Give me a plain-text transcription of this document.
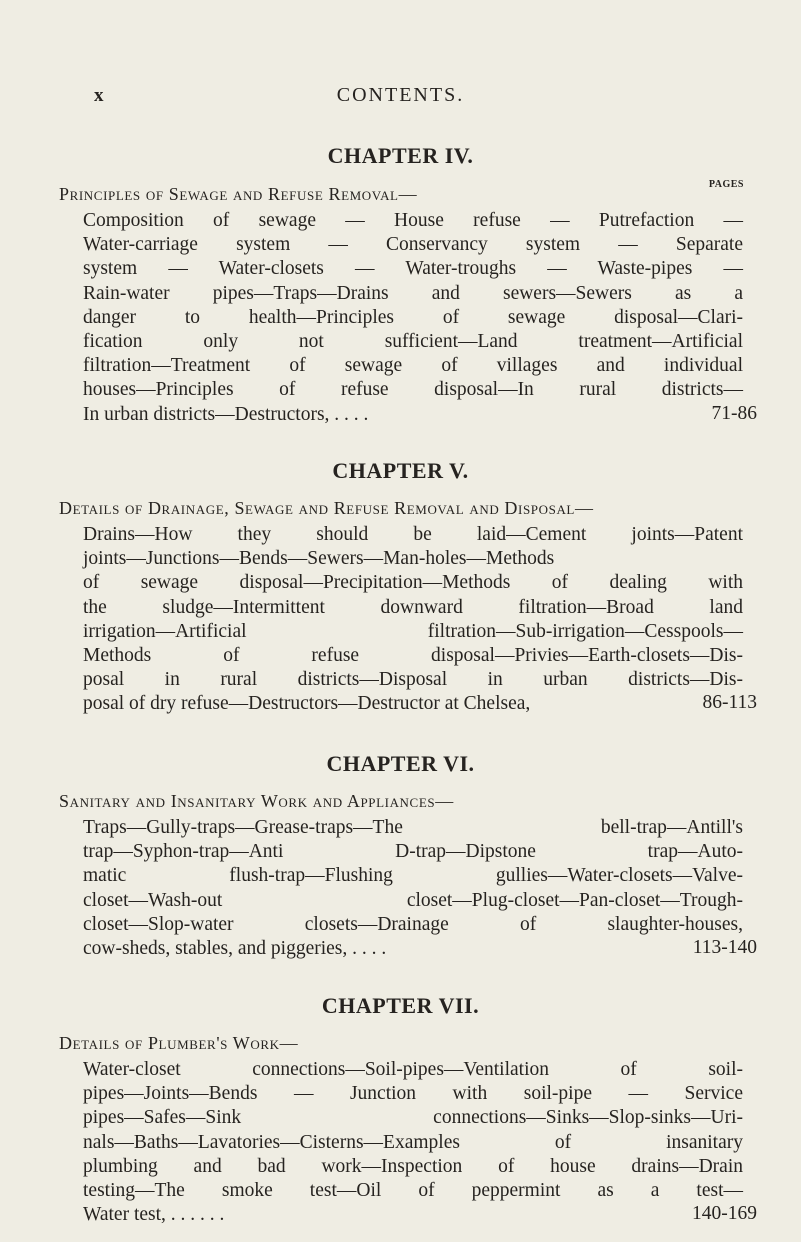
x	CONTENTS.
CHAPTER IV.
PAGES
Principles of Sewage and Refuse Removal—
Composition of sewage — House refuse — Putrefaction —
Water-carriage system — Conservancy system — Separate
system — Water-closets — Water-troughs — Waste-pipes —
Rain-water pipes—Traps—Drains and sewers—Sewers as a
danger to health—Principles of sewage disposal—Clari-
fication only not sufficient—Land treatment—Artificial
filtration—Treatment of sewage of villages and individual
houses—Principles of refuse disposal—In rural districts—
In urban districts—Destructors, . . . .	71-86
CHAPTER V.
Details of Drainage, Sewage and Refuse Removal and Disposal—
Drains—How they should be laid—Cement joints—Patent
joints—Junctions—Bends—Sewers—Man-holes—Methods
of sewage disposal—Precipitation—Methods of dealing with
the sludge—Intermittent downward filtration—Broad land
irrigation—Artificial filtration—Sub-irrigation—Cesspools—
Methods of refuse disposal—Privies—Earth-closets—Dis-
posal in rural districts—Disposal in urban districts—Dis-
posal of dry refuse—Destructors—Destructor at Chelsea,	86-113
CHAPTER VI.
Sanitary and Insanitary Work and Appliances—
Traps—Gully-traps—Grease-traps—The bell-trap—Antill's
trap—Syphon-trap—Anti D-trap—Dipstone trap—Auto-
matic flush-trap—Flushing gullies—Water-closets—Valve-
closet—Wash-out closet—Plug-closet—Pan-closet—Trough-
closet—Slop-water closets—Drainage of slaughter-houses,
cow-sheds, stables, and piggeries, . . . .	113-140
CHAPTER VII.
Details of Plumber's Work—
Water-closet connections—Soil-pipes—Ventilation of soil-
pipes—Joints—Bends — Junction with soil-pipe — Service
pipes—Safes—Sink connections—Sinks—Slop-sinks—Uri-
nals—Baths—Lavatories—Cisterns—Examples of insanitary
plumbing and bad work—Inspection of house drains—Drain
testing—The smoke test—Oil of peppermint as a test—
Water test, . . . . . .	140-169
